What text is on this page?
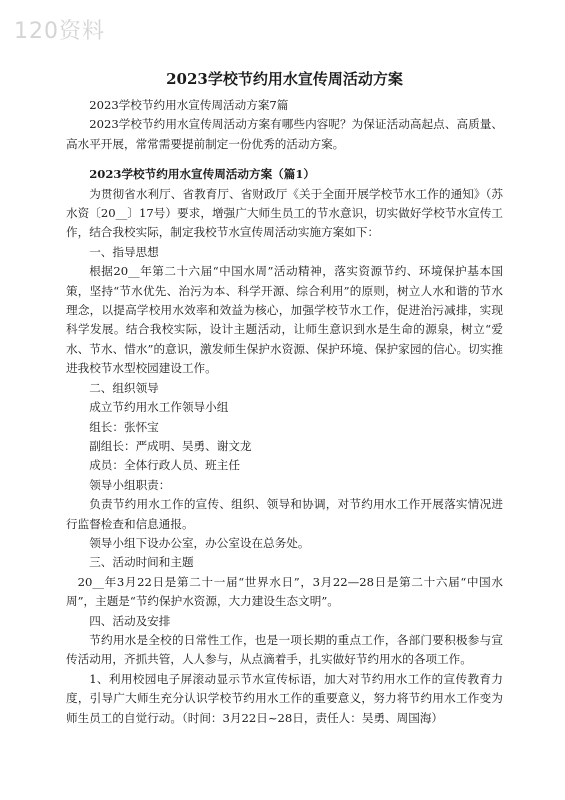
120资料
2023学校节约用水宣传周活动方案

2023学校节约用水宣传周活动方案7篇

2023学校节约用水宣传周活动方案有哪些内容呢？为保证活动高起点、高质量、高水平开展，常常需要提前制定一份优秀的活动方案。

2023学校节约用水宣传周活动方案（篇1）

为贯彻省水利厅、省教育厅、省财政厅《关于全面开展学校节水工作的通知》（苏水资〔20__〕17号）要求，增强广大师生员工的节水意识，切实做好学校节水宣传工作，结合我校实际，制定我校节水宣传周活动实施方案如下：

一、指导思想

根据20__年第二十六届“中国水周”活动精神，落实资源节约、环境保护基本国策，坚持“节水优先、治污为本、科学开源、综合利用”的原则，树立人水和谐的节水理念，以提高学校用水效率和效益为核心，加强学校节水工作，促进治污减排，实现科学发展。结合我校实际，设计主题活动，让师生意识到水是生命的源泉，树立“爱水、节水、惜水”的意识，激发师生保护水资源、保护环境、保护家园的信心。切实推进我校节水型校园建设工作。

二、组织领导

成立节约用水工作领导小组

组长：张怀宝

副组长：严成明、吴勇、谢文龙

成员：全体行政人员、班主任

领导小组职责：

负责节约用水工作的宣传、组织、领导和协调，对节约用水工作开展落实情况进行监督检查和信息通报。

领导小组下设办公室，办公室设在总务处。

三、活动时间和主题

20__年3月22日是第二十一届“世界水日”，3月22—28日是第二十六届“中国水周”，主题是“节约保护水资源，大力建设生态文明”。

四、活动及安排

节约用水是全校的日常性工作，也是一项长期的重点工作，各部门要积极参与宣传活动用，齐抓共管，人人参与，从点滴着手，扎实做好节约用水的各项工作。

1、利用校园电子屏滚动显示节水宣传标语，加大对节约用水工作的宣传教育力度，引导广大师生充分认识学校节约用水工作的重要意义，努力将节约用水工作变为师生员工的自觉行动。（时间：3月22日~28日，责任人：吴勇、周国海）
